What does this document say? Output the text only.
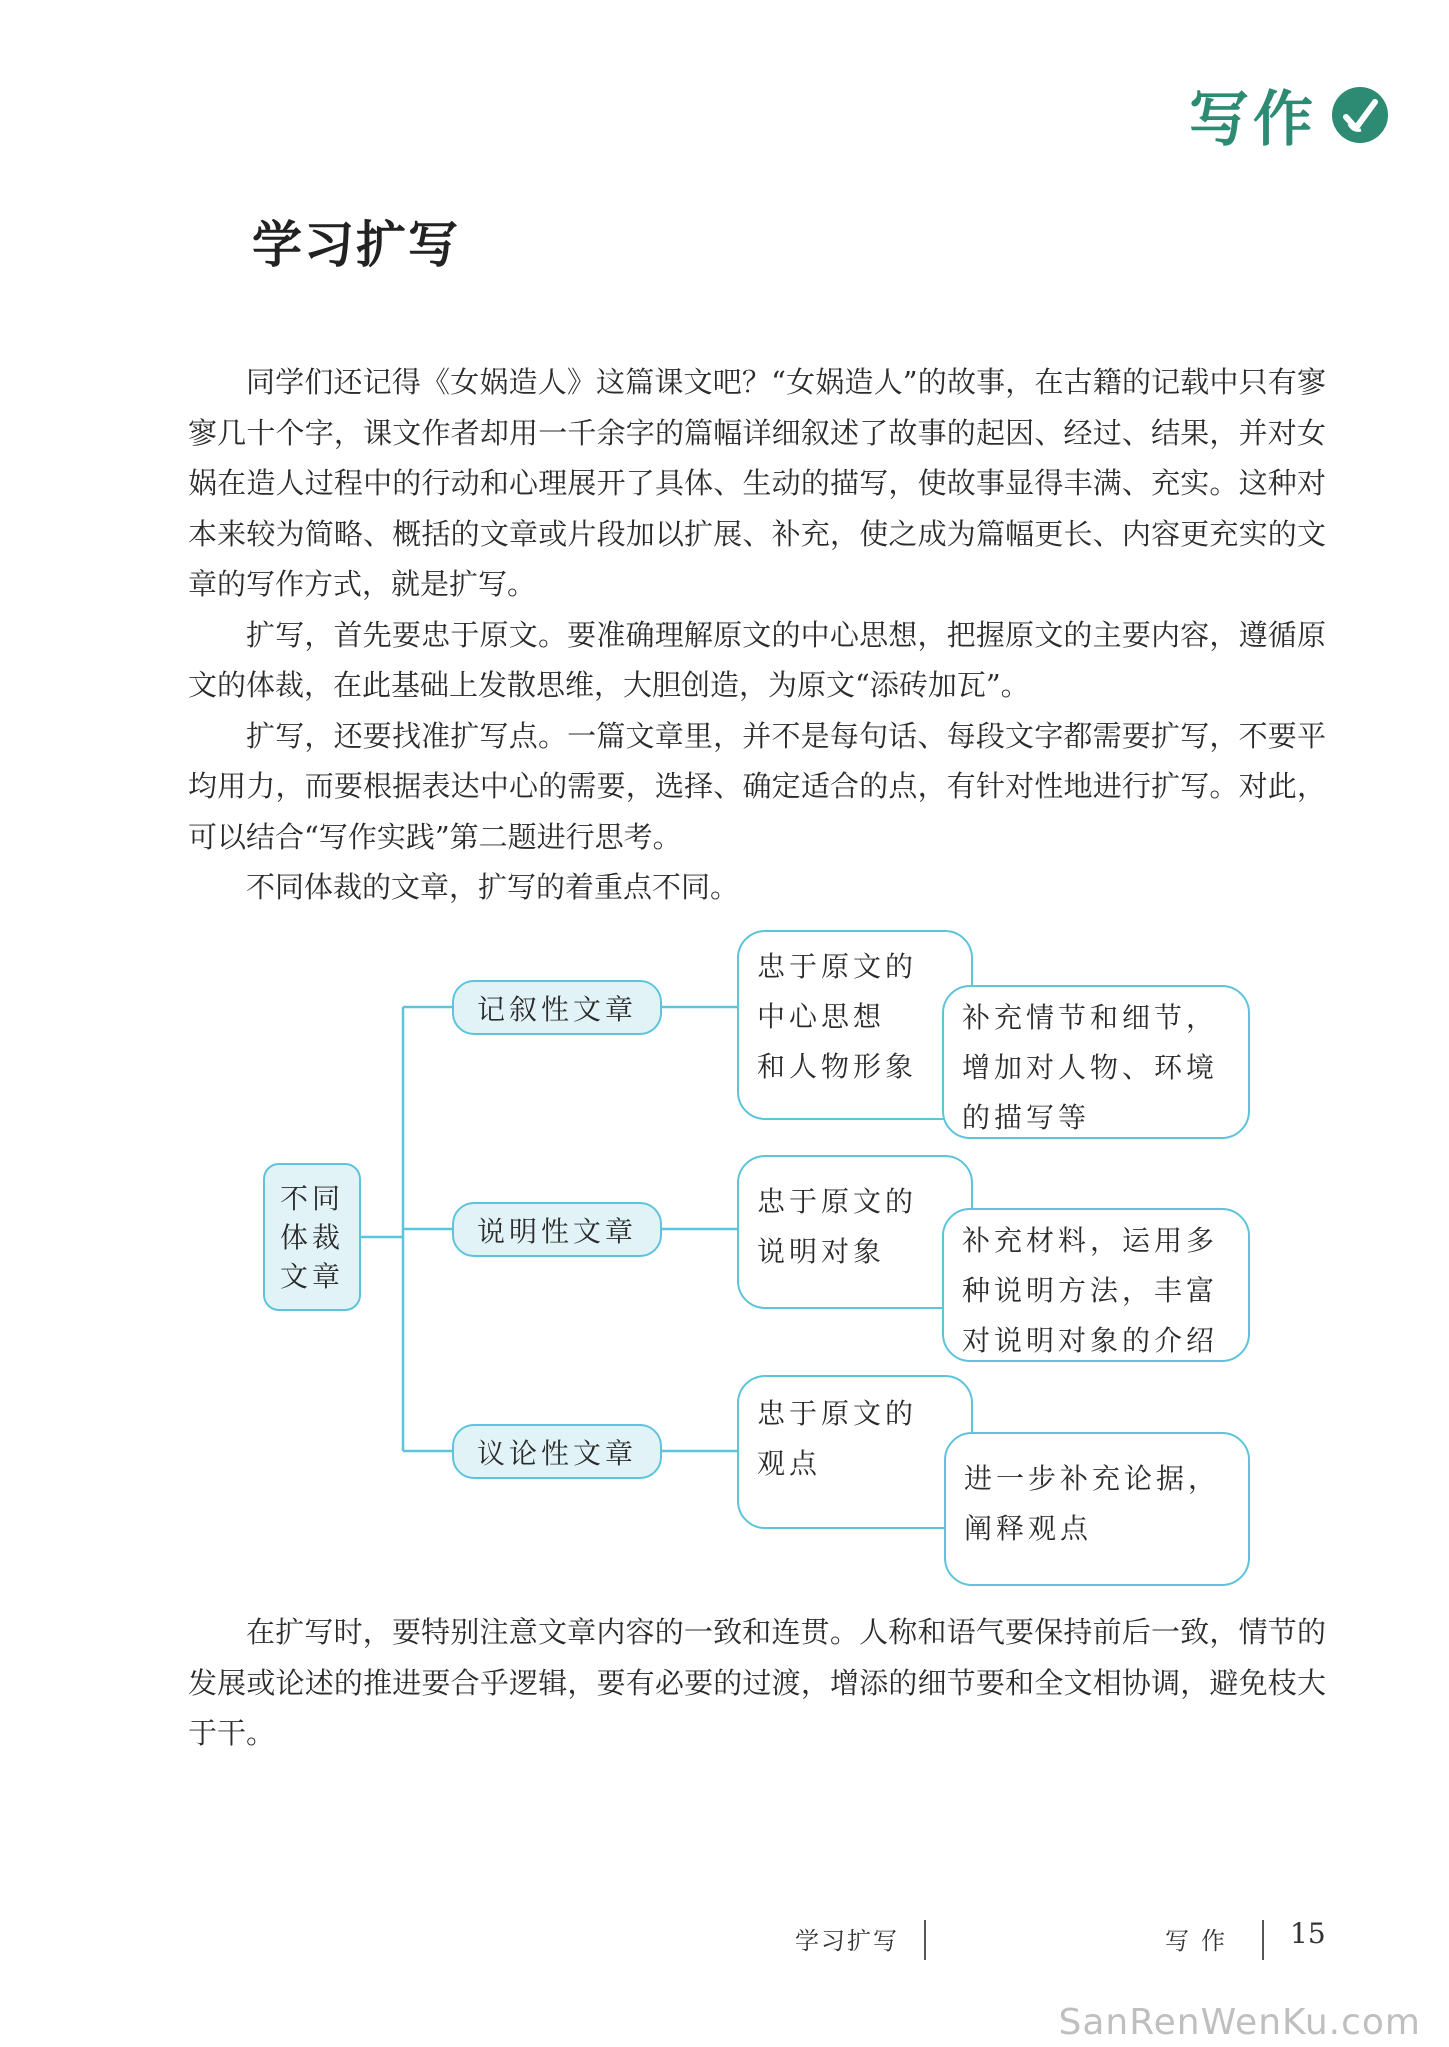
写作
学习扩写

同学们还记得《女娲造人》这篇课文吧？“女娲造人”的故事，在古籍的记载中只有寥寥几十个字，课文作者却用一千余字的篇幅详细叙述了故事的起因、经过、结果，并对女娲在造人过程中的行动和心理展开了具体、生动的描写，使故事显得丰满、充实。这种对本来较为简略、概括的文章或片段加以扩展、补充，使之成为篇幅更长、内容更充实的文章的写作方式，就是扩写。

扩写，首先要忠于原文。要准确理解原文的中心思想，把握原文的主要内容，遵循原文的体裁，在此基础上发散思维，大胆创造，为原文“添砖加瓦”。

扩写，还要找准扩写点。一篇文章里，并不是每句话、每段文字都需要扩写，不要平均用力，而要根据表达中心的需要，选择、确定适合的点，有针对性地进行扩写。对此，可以结合“写作实践”第二题进行思考。

不同体裁的文章，扩写的着重点不同。

不同
体裁
文章
记叙性文章
忠于原文的
中心思想
和人物形象
补充情节和细节，
增加对人物、环境
的描写等
说明性文章
忠于原文的
说明对象	补充材料，运用多
种说明方法，丰富
对说明对象的介绍
议论性文章
忠于原文的
观点	进一步补充论据，
阐释观点

在扩写时，要特别注意文章内容的一致和连贯。人称和语气要保持前后一致，情节的发展或论述的推进要合乎逻辑，要有必要的过渡，增添的细节要和全文相协调，避免枝大于干。

学习扩写	写作 15
SanRenWenKu.com
